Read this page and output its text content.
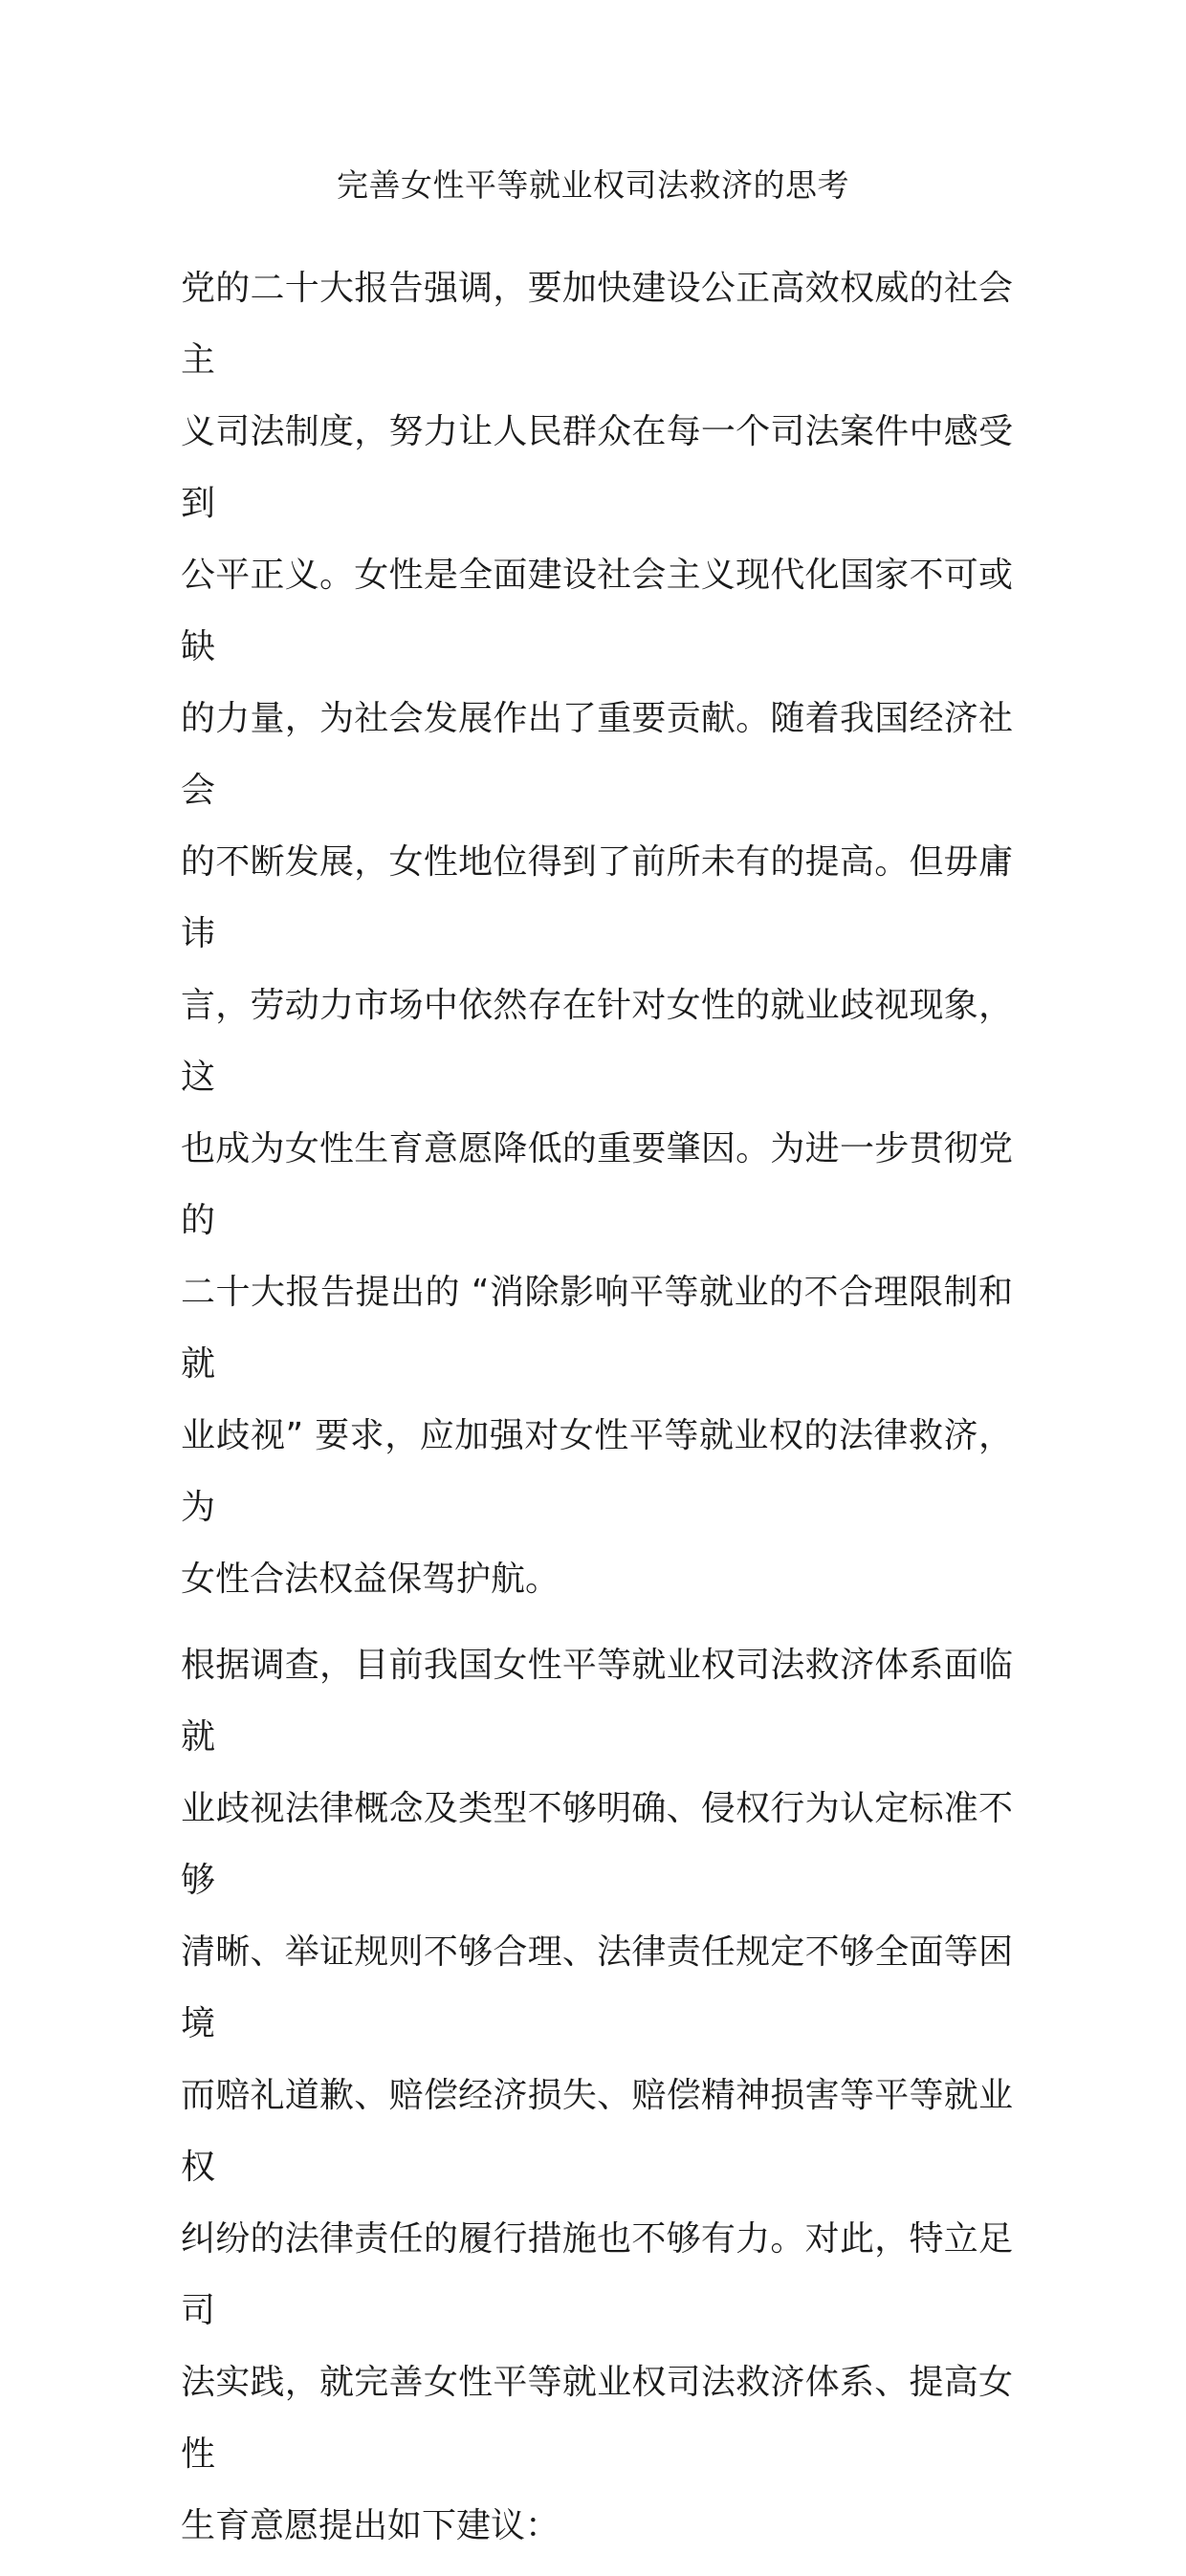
完善女性平等就业权司法救济的思考

党的二十大报告强调，要加快建设公正高效权威的社会主
义司法制度，努力让人民群众在每一个司法案件中感受到
公平正义。女性是全面建设社会主义现代化国家不可或缺
的力量，为社会发展作出了重要贡献。随着我国经济社会
的不断发展，女性地位得到了前所未有的提高。但毋庸讳
言，劳动力市场中依然存在针对女性的就业歧视现象，这
也成为女性生育意愿降低的重要肇因。为进一步贯彻党的
二十大报告提出的 “消除影响平等就业的不合理限制和就
业歧视” 要求，应加强对女性平等就业权的法律救济，为
女性合法权益保驾护航。

根据调查，目前我国女性平等就业权司法救济体系面临就
业歧视法律概念及类型不够明确、侵权行为认定标准不够
清晰、举证规则不够合理、法律责任规定不够全面等困境
而赔礼道歉、赔偿经济损失、赔偿精神损害等平等就业权
纠纷的法律责任的履行措施也不够有力。对此，特立足司
法实践，就完善女性平等就业权司法救济体系、提高女性
生育意愿提出如下建议：
